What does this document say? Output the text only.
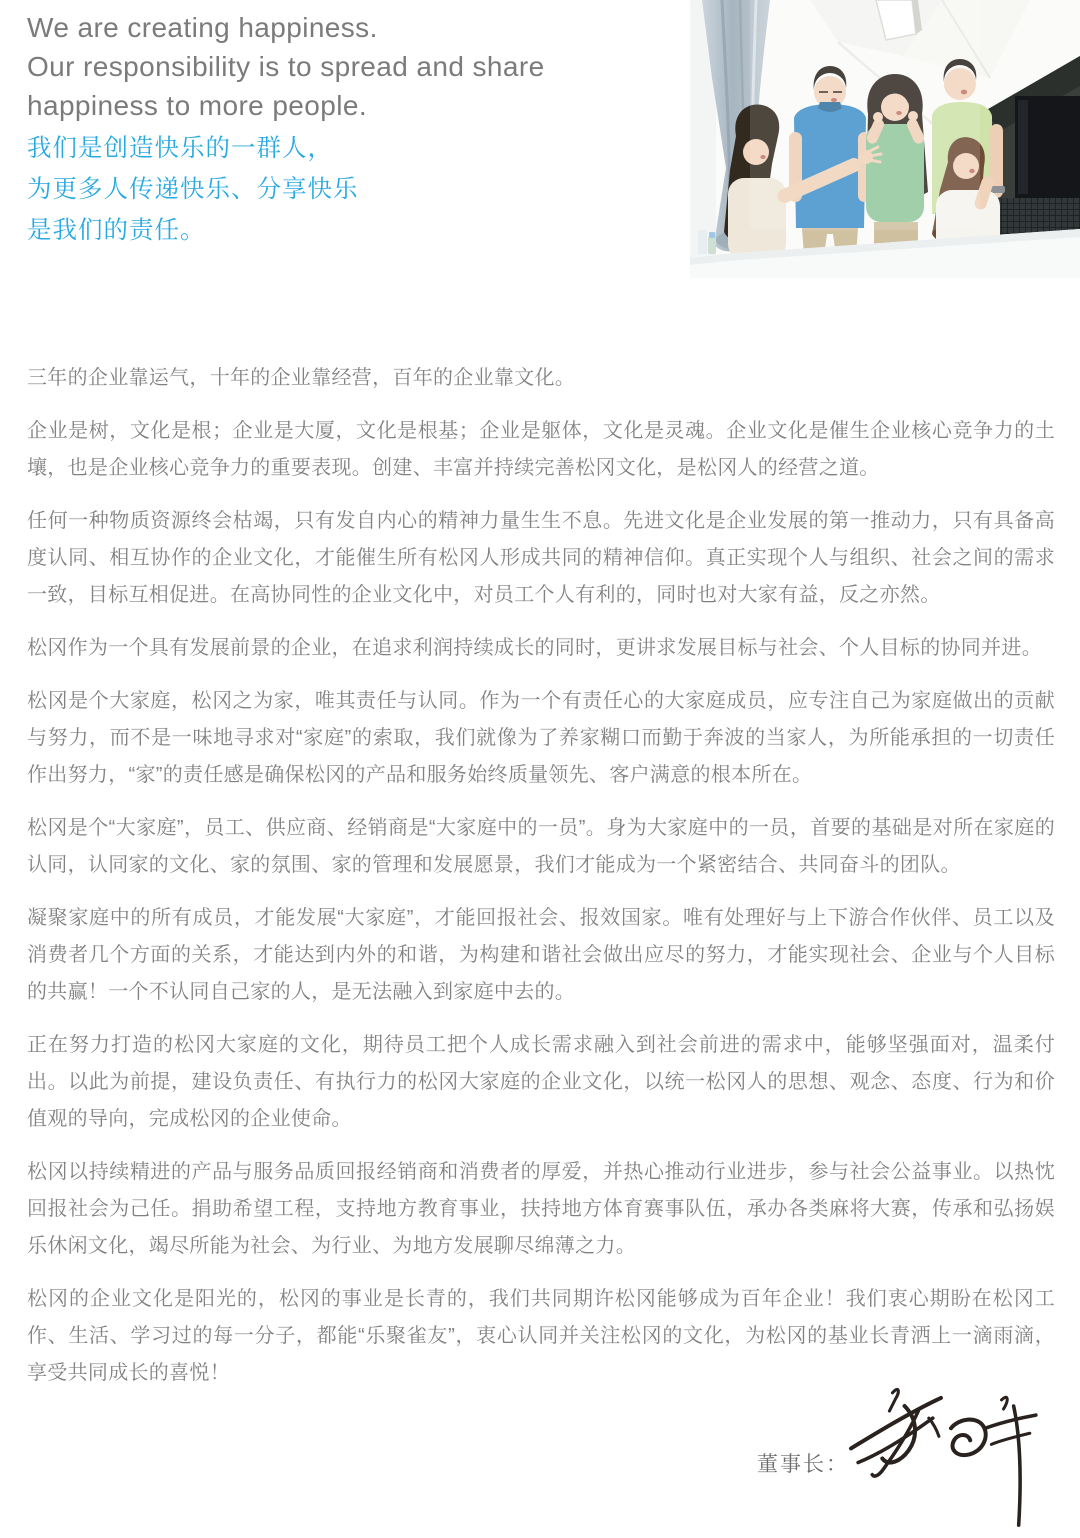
We are creating happiness.
Our responsibility is to spread and share
happiness to more people.
我们是创造快乐的一群人，
为更多人传递快乐、分享快乐
是我们的责任。

三年的企业靠运气，十年的企业靠经营，百年的企业靠文化。

企业是树，文化是根；企业是大厦，文化是根基；企业是躯体，文化是灵魂。企业文化是催生企业核心竞争力的土壤，也是企业核心竞争力的重要表现。创建、丰富并持续完善松冈文化，是松冈人的经营之道。

任何一种物质资源终会枯竭，只有发自内心的精神力量生生不息。先进文化是企业发展的第一推动力，只有具备高度认同、相互协作的企业文化，才能催生所有松冈人形成共同的精神信仰。真正实现个人与组织、社会之间的需求一致，目标互相促进。在高协同性的企业文化中，对员工个人有利的，同时也对大家有益，反之亦然。

松冈作为一个具有发展前景的企业，在追求利润持续成长的同时，更讲求发展目标与社会、个人目标的协同并进。

松冈是个大家庭，松冈之为家，唯其责任与认同。作为一个有责任心的大家庭成员，应专注自己为家庭做出的贡献与努力，而不是一味地寻求对“家庭”的索取，我们就像为了养家糊口而勤于奔波的当家人，为所能承担的一切责任作出努力，“家”的责任感是确保松冈的产品和服务始终质量领先、客户满意的根本所在。

松冈是个“大家庭”，员工、供应商、经销商是“大家庭中的一员”。身为大家庭中的一员，首要的基础是对所在家庭的认同，认同家的文化、家的氛围、家的管理和发展愿景，我们才能成为一个紧密结合、共同奋斗的团队。

凝聚家庭中的所有成员，才能发展“大家庭”，才能回报社会、报效国家。唯有处理好与上下游合作伙伴、员工以及消费者几个方面的关系，才能达到内外的和谐，为构建和谐社会做出应尽的努力，才能实现社会、企业与个人目标的共赢！一个不认同自己家的人，是无法融入到家庭中去的。

正在努力打造的松冈大家庭的文化，期待员工把个人成长需求融入到社会前进的需求中，能够坚强面对，温柔付出。以此为前提，建设负责任、有执行力的松冈大家庭的企业文化，以统一松冈人的思想、观念、态度、行为和价值观的导向，完成松冈的企业使命。

松冈以持续精进的产品与服务品质回报经销商和消费者的厚爱，并热心推动行业进步，参与社会公益事业。以热忱回报社会为己任。捐助希望工程，支持地方教育事业，扶持地方体育赛事队伍，承办各类麻将大赛，传承和弘扬娱乐休闲文化，竭尽所能为社会、为行业、为地方发展聊尽绵薄之力。

松冈的企业文化是阳光的，松冈的事业是长青的，我们共同期许松冈能够成为百年企业！我们衷心期盼在松冈工作、生活、学习过的每一分子，都能“乐聚雀友”，衷心认同并关注松冈的文化，为松冈的基业长青洒上一滴雨滴，享受共同成长的喜悦！

董事长：
